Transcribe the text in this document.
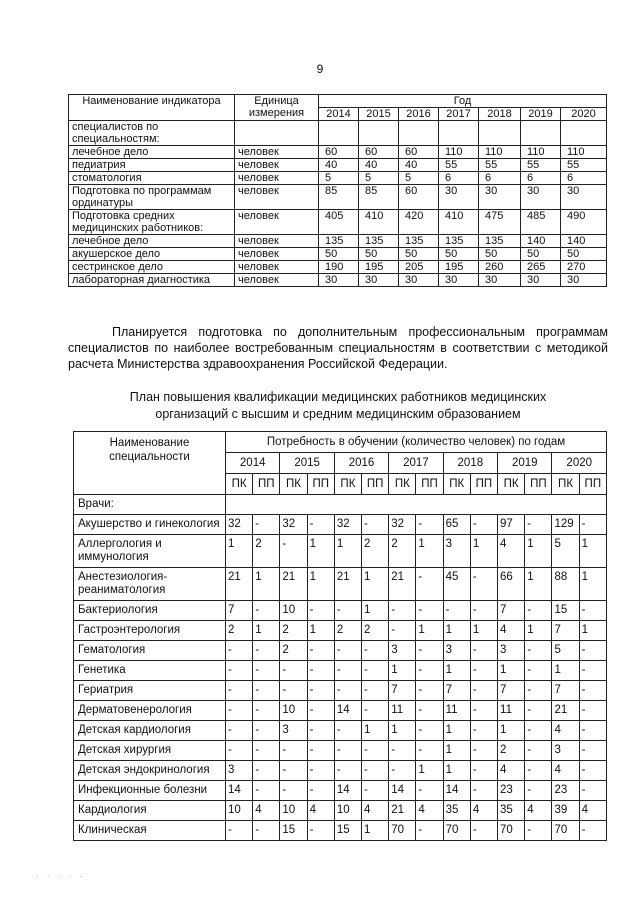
9
Наименование индикатора	Единица измерения	Год						
		2014	2015	2016	2017	2018	2019	2020
специалистов по специальностям:								
лечебное дело	человек	60	60	60	110	110	110	110
педиатрия	человек	40	40	40	55	55	55	55
стоматология	человек	5	5	5	6	6	6	6
Подготовка по программам ординатуры	человек	85	85	60	30	30	30	30
Подготовка средних медицинских работников:	человек	405	410	420	410	475	485	490
лечебное дело	человек	135	135	135	135	135	140	140
акушерское дело	человек	50	50	50	50	50	50	50
сестринское дело	человек	190	195	205	195	260	265	270
лабораторная диагностика	человек	30	30	30	30	30	30	30
Планируется подготовка по дополнительным профессиональным программам специалистов по наиболее востребованным специальностям в соответствии с методикой расчета Министерства здравоохранения Российской Федерации.
План повышения квалификации медицинских работников медицинских
организаций с высшим и средним медицинским образованием
Наименование специальности	Потребность в обучении (количество человек) по годам													
	2014		2015		2016		2017		2018		2019		2020	
	ПК	ПП	ПК	ПП	ПК	ПП	ПК	ПП	ПК	ПП	ПК	ПП	ПК	ПП
Врачи:														
Акушерство и гинекология	32	-	32	-	32	-	32	-	65	-	97	-	129	-
Аллергология и иммунология	1	2	-	1	1	2	2	1	3	1	4	1	5	1
Анестезиология-реаниматология	21	1	21	1	21	1	21	-	45	-	66	1	88	1
Бактериология	7	-	10	-	-	1	-	-	-	-	7	-	15	-
Гастроэнтерология	2	1	2	1	2	2	-	1	1	1	4	1	7	1
Гематология	-	-	2	-	-	-	3	-	3	-	3	-	5	-
Генетика	-	-	-	-	-	-	1	-	1	-	1	-	1	-
Гериатрия	-	-	-	-	-	-	7	-	7	-	7	-	7	-
Дерматовенерология	-	-	10	-	14	-	11	-	11	-	11	-	21	-
Детская кардиология	-	-	3	-	-	1	1	-	1	-	1	-	4	-
Детская хирургия	-	-	-	-	-	-	-	-	1	-	2	-	3	-
Детская эндокринология	3	-	-	-	-	-	-	1	1	-	4	-	4	-
Инфекционные болезни	14	-	-	-	14	-	14	-	14	-	23	-	23	-
Кардиология	10	4	10	4	10	4	21	4	35	4	35	4	39	4
Клиническая	-	-	15	-	15	1	70	-	70	-	70	-	70	-
· · · · ·
